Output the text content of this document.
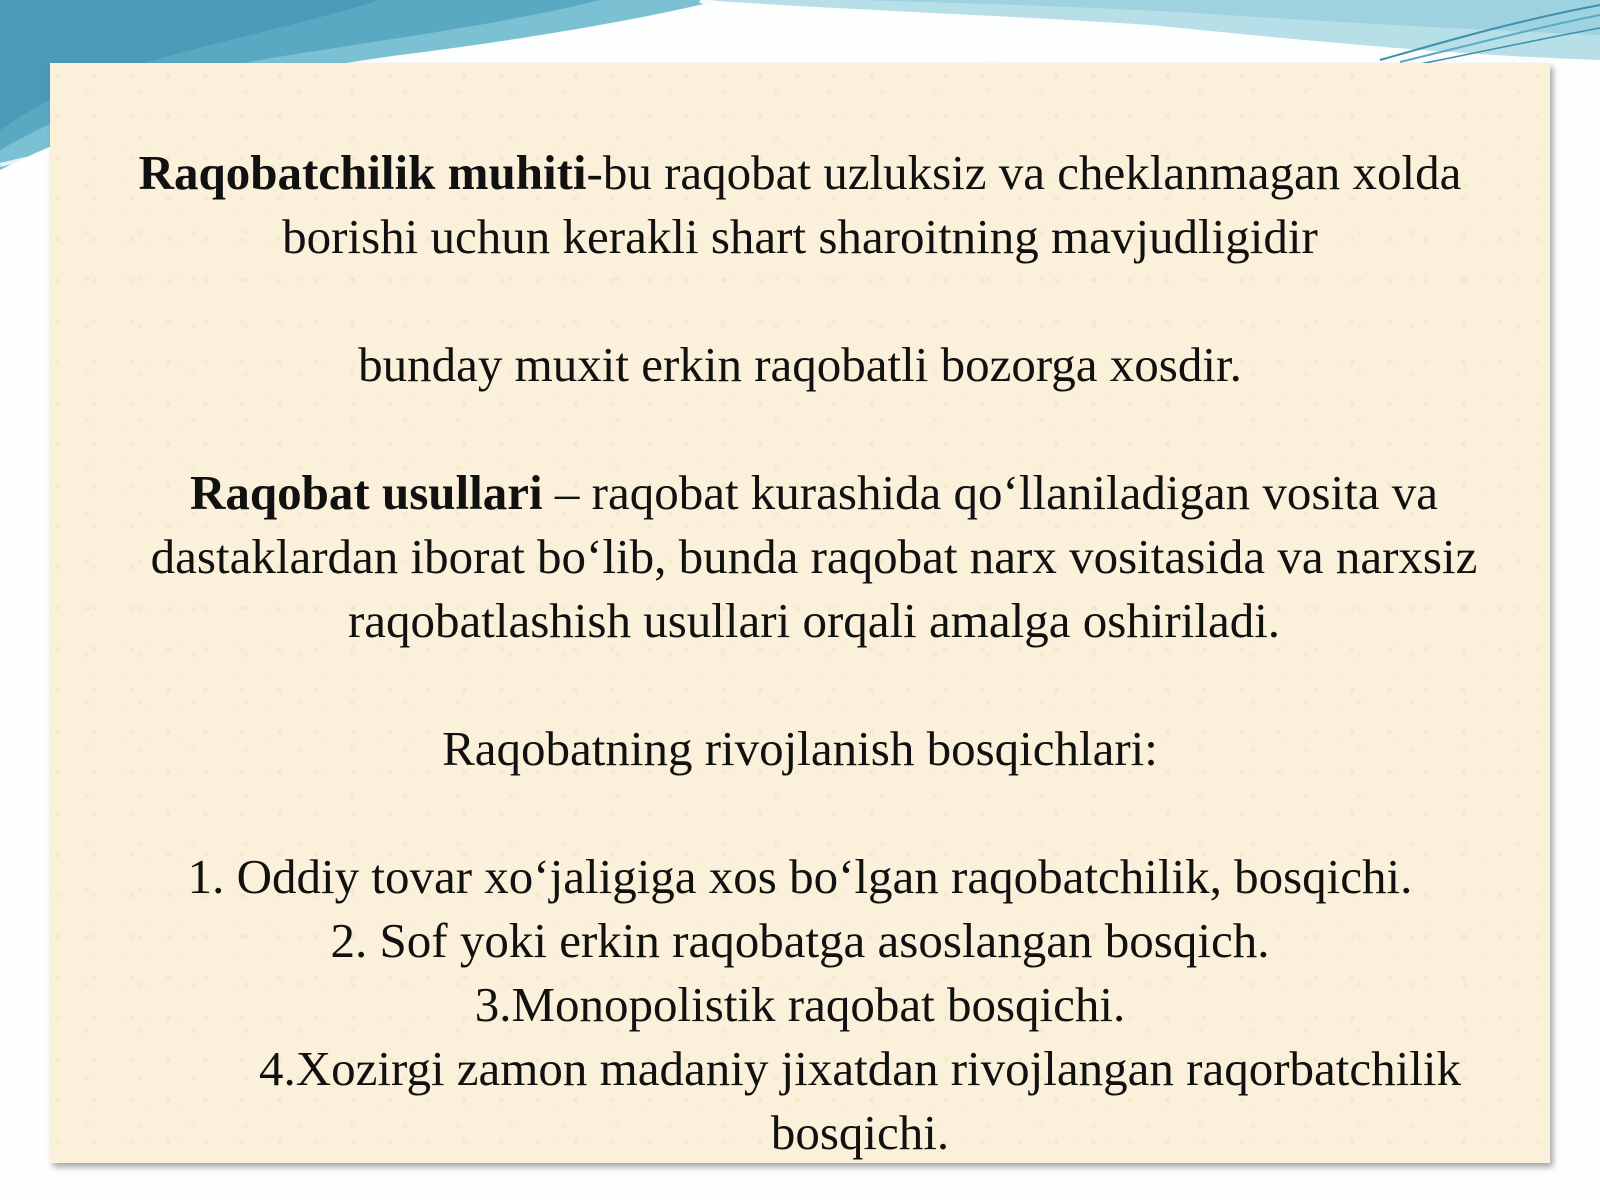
Raqobatchilik muhiti-bu raqobat uzluksiz va cheklanmagan xolda borishi uchun kerakli shart sharoitning mavjudligidir

bunday muxit erkin raqobatli bozorga xosdir.

Raqobat usullari – raqobat kurashida qo‘llaniladigan vosita va dastaklardan iborat bo‘lib, bunda raqobat narx vositasida va narxsiz raqobatlashish usullari orqali amalga oshiriladi.

Raqobatning rivojlanish bosqichlari:

1. Oddiy tovar xo‘jaligiga xos bo‘lgan raqobatchilik, bosqichi.

2. Sof yoki erkin raqobatga asoslangan bosqich.

3.Monopolistik raqobat bosqichi.

4.Xozirgi zamon madaniy jixatdan rivojlangan raqorbatchilik bosqichi.
